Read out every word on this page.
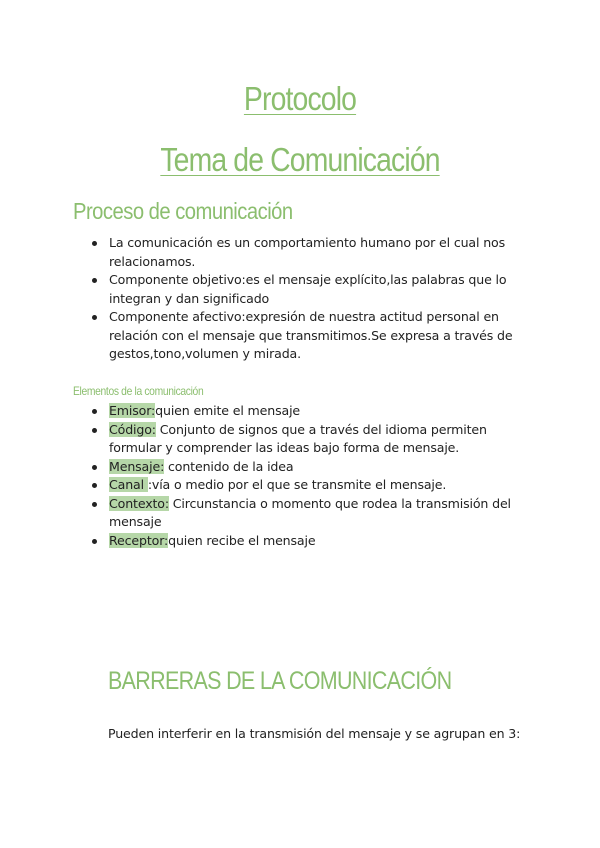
Protocolo
Tema de Comunicación
Proceso de comunicación
La comunicación es un comportamiento humano por el cual nos relacionamos.
Componente objetivo:es el mensaje explícito,las palabras que lo integran y dan significado
Componente afectivo:expresión de nuestra actitud personal en relación con el mensaje que transmitimos.Se expresa a través de gestos,tono,volumen y mirada.
Elementos de la comunicación
Emisor:quien emite el mensaje
Código: Conjunto de signos que a través del idioma permiten formular y comprender las ideas bajo forma de mensaje.
Mensaje: contenido de la idea
Canal :vía o medio por el que se transmite el mensaje.
Contexto: Circunstancia o momento que rodea la transmisión del mensaje
Receptor:quien recibe el mensaje
BARRERAS DE LA COMUNICACIÓN
Pueden interferir en la transmisión del mensaje y se agrupan en 3:
